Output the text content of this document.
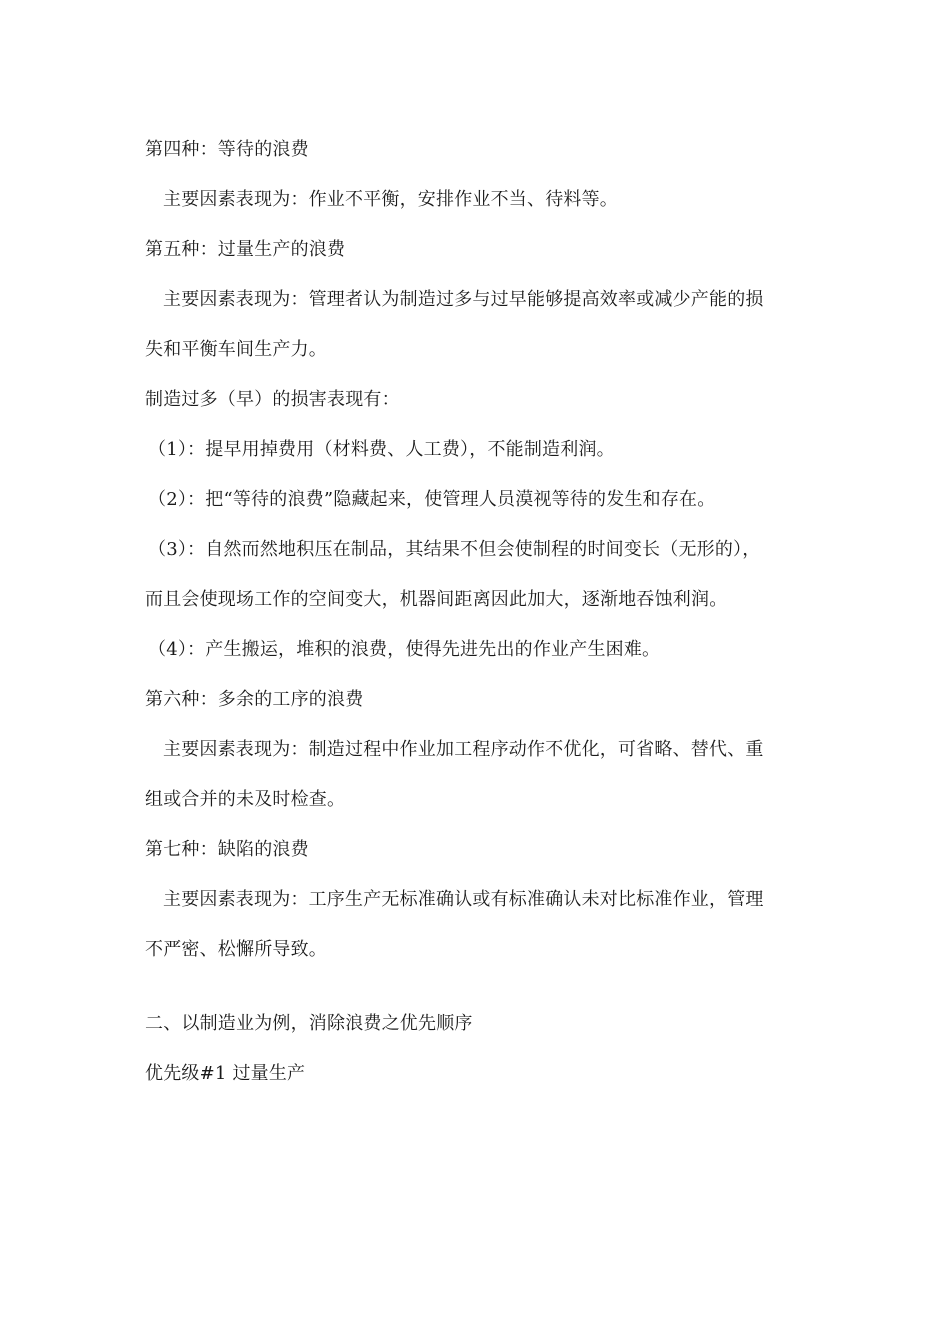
第四种：等待的浪费
主要因素表现为：作业不平衡，安排作业不当、待料等。
第五种：过量生产的浪费
主要因素表现为：管理者认为制造过多与过早能够提高效率或减少产能的损
失和平衡车间生产力。
制造过多（早）的损害表现有：
（1）：提早用掉费用（材料费、人工费），不能制造利润。
（2）：把“等待的浪费”隐藏起来，使管理人员漠视等待的发生和存在。
（3）：自然而然地积压在制品，其结果不但会使制程的时间变长（无形的），
而且会使现场工作的空间变大，机器间距离因此加大，逐渐地吞蚀利润。
（4）：产生搬运，堆积的浪费，使得先进先出的作业产生困难。
第六种：多余的工序的浪费
主要因素表现为：制造过程中作业加工程序动作不优化，可省略、替代、重
组或合并的未及时检查。
第七种：缺陷的浪费
主要因素表现为：工序生产无标准确认或有标准确认未对比标准作业，管理
不严密、松懈所导致。
二、以制造业为例，消除浪费之优先顺序
优先级#1 过量生产
